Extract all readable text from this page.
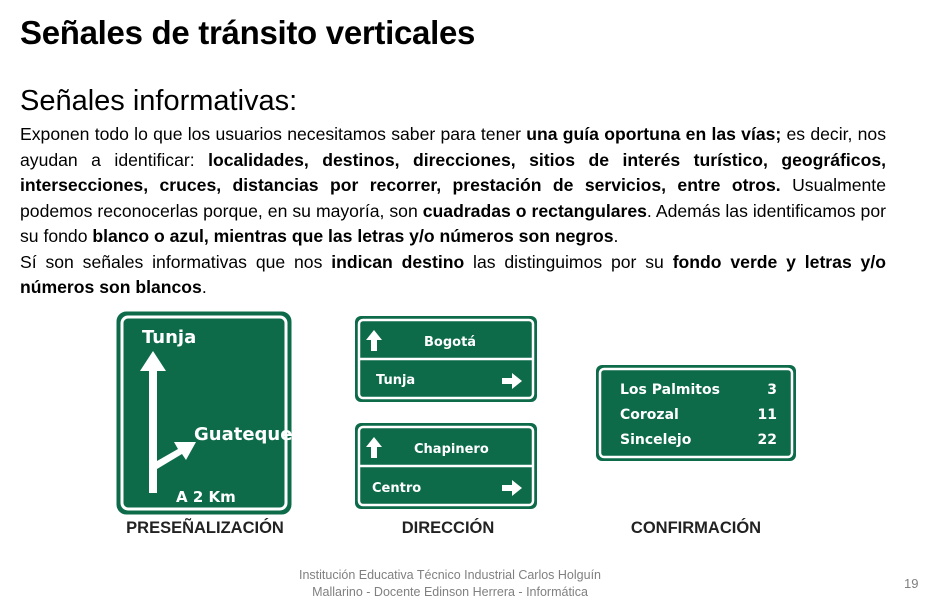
Señales de tránsito verticales
Señales informativas:

Exponen todo lo que los usuarios necesitamos saber para tener una guía oportuna en las vías; es decir, nos ayudan a identificar: localidades, destinos, direcciones, sitios de interés turístico, geográficos, intersecciones, cruces, distancias por recorrer, prestación de servicios, entre otros. Usualmente podemos reconocerlas porque, en su mayoría, son cuadradas o rectangulares. Además las identificamos por su fondo blanco o azul, mientras que las letras y/o números son negros.

Sí son señales informativas que nos indican destino las distinguimos por su fondo verde y letras y/o números son blancos.

Tunja
Guateque
A 2 Km
PRESEÑALIZACIÓN
Bogotá
Tunja
Chapinero
Centro
DIRECCIÓN
Los Palmitos	3
Corozal	11
Sincelejo	22
CONFIRMACIÓN
Institución Educativa Técnico Industrial Carlos Holguín
Mallarino - Docente Edinson Herrera - Informática
19
